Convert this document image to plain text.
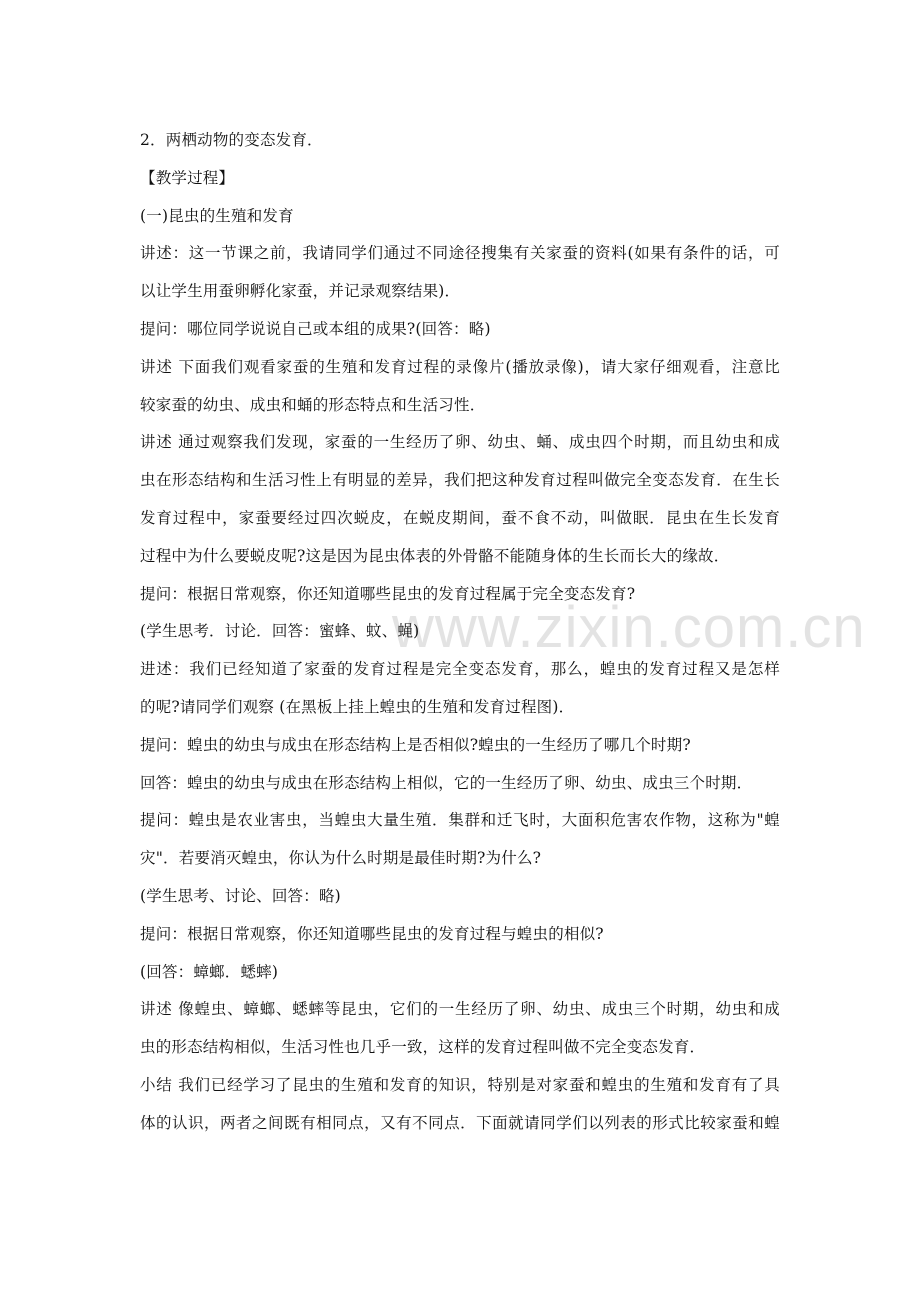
www.zixin.com.cn
2．两栖动物的变态发育．
【教学过程】
(一)昆虫的生殖和发育
讲述：这一节课之前，我请同学们通过不同途径搜集有关家蚕的资料(如果有条件的话，可
以让学生用蚕卵孵化家蚕，并记录观察结果)．
提问：哪位同学说说自己或本组的成果?(回答：略)
讲述 下面我们观看家蚕的生殖和发育过程的录像片(播放录像)，请大家仔细观看，注意比
较家蚕的幼虫、成虫和蛹的形态特点和生活习性．
讲述 通过观察我们发现，家蚕的一生经历了卵、幼虫、蛹、成虫四个时期，而且幼虫和成
虫在形态结构和生活习性上有明显的差异，我们把这种发育过程叫做完全变态发育．在生长
发育过程中，家蚕要经过四次蜕皮，在蜕皮期间，蚕不食不动，叫做眠．昆虫在生长发育
过程中为什么要蜕皮呢?这是因为昆虫体表的外骨骼不能随身体的生长而长大的缘故．
提问：根据日常观察，你还知道哪些昆虫的发育过程属于完全变态发育?
(学生思考．讨论．回答：蜜蜂、蚊、蝇)
进述：我们已经知道了家蚕的发育过程是完全变态发育，那么，蝗虫的发育过程又是怎样
的呢?请同学们观察 (在黑板上挂上蝗虫的生殖和发育过程图)．
提问：蝗虫的幼虫与成虫在形态结构上是否相似?蝗虫的一生经历了哪几个时期?
回答：蝗虫的幼虫与成虫在形态结构上相似，它的一生经历了卵、幼虫、成虫三个时期．
提问：蝗虫是农业害虫，当蝗虫大量生殖．集群和迁飞时，大面积危害农作物，这称为"蝗
灾"．若要消灭蝗虫，你认为什么时期是最佳时期?为什么?
(学生思考、讨论、回答：略)
提问：根据日常观察，你还知道哪些昆虫的发育过程与蝗虫的相似?
(回答：蟑螂．蟋蟀)
讲述 像蝗虫、蟑螂、蟋蟀等昆虫，它们的一生经历了卵、幼虫、成虫三个时期，幼虫和成
虫的形态结构相似，生活习性也几乎一致，这样的发育过程叫做不完全变态发育．
小结 我们已经学习了昆虫的生殖和发育的知识，特别是对家蚕和蝗虫的生殖和发育有了具
体的认识，两者之间既有相同点，又有不同点．下面就请同学们以列表的形式比较家蚕和蝗
